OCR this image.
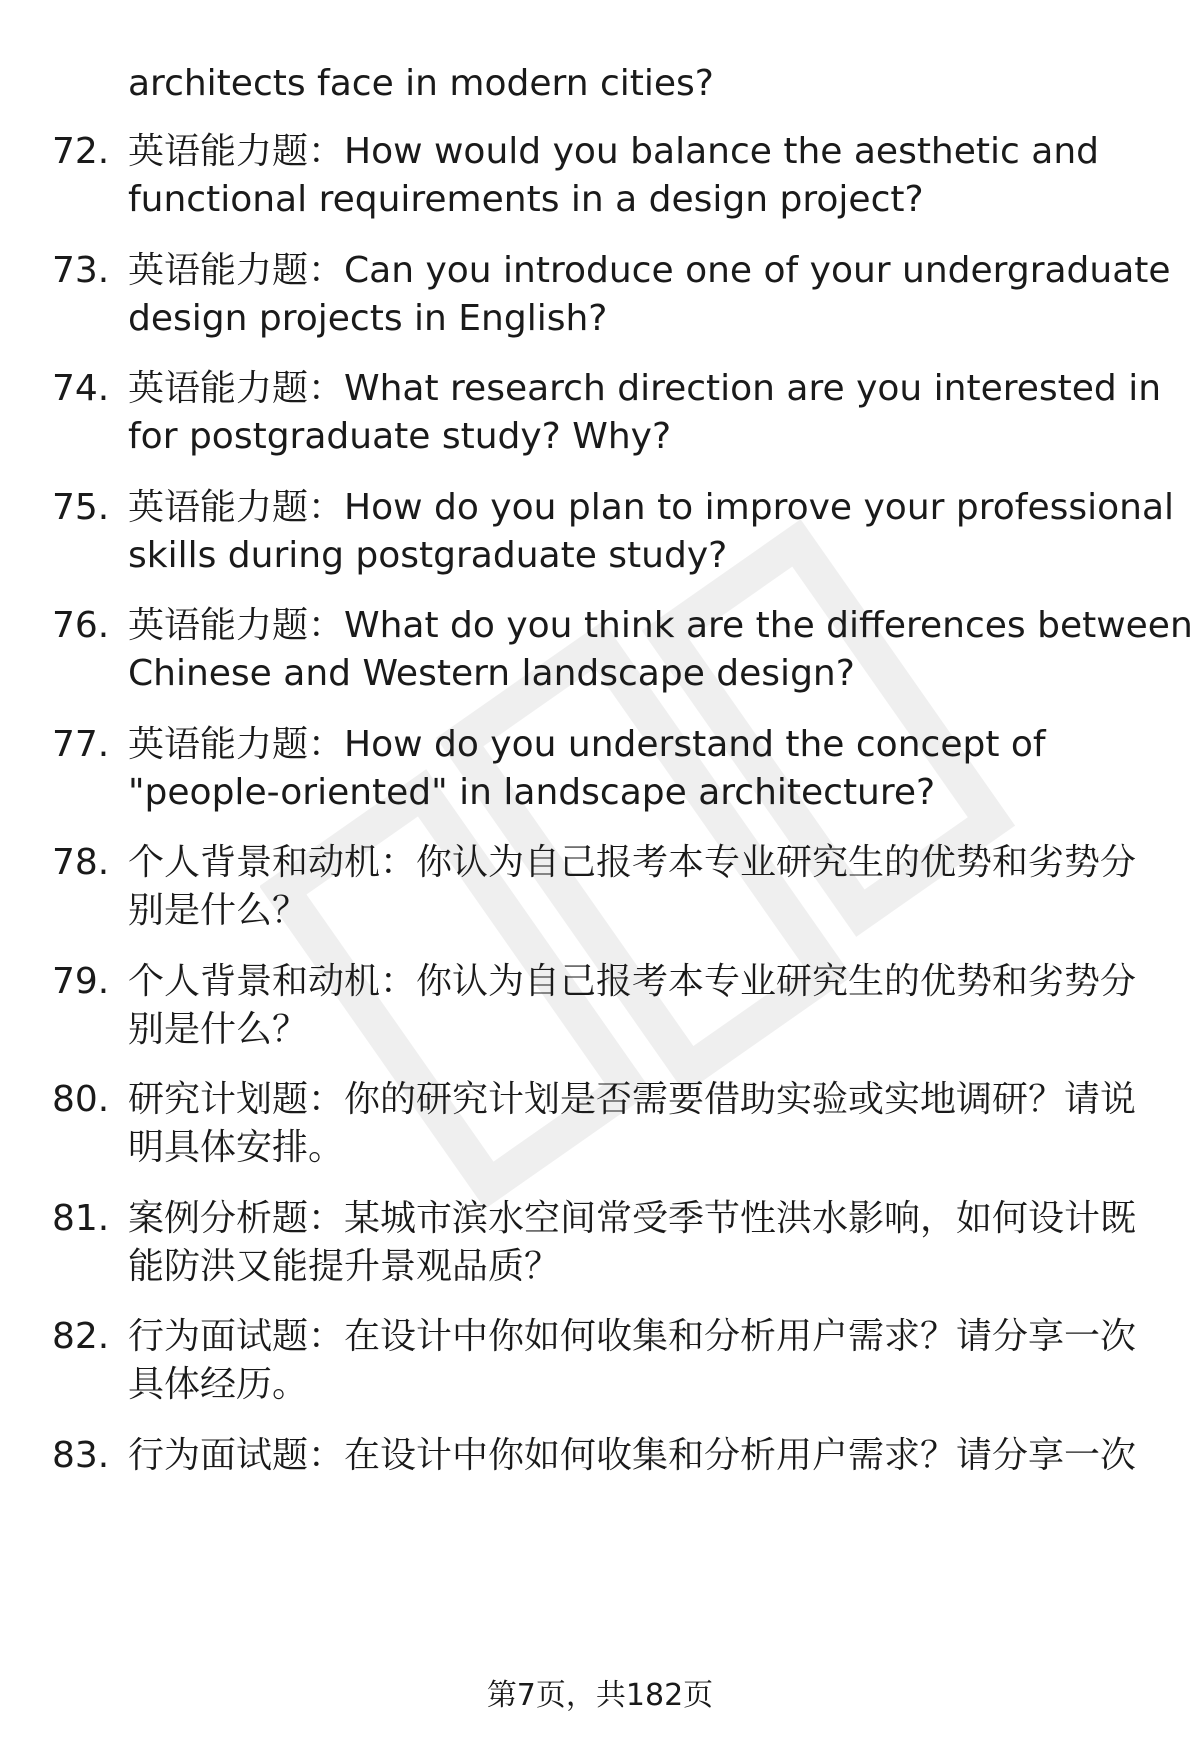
architects face in modern cities?
72. 英语能力题：How would you balance the aesthetic and
functional requirements in a design project?
73. 英语能力题：Can you introduce one of your undergraduate
design projects in English?
74. 英语能力题：What research direction are you interested in
for postgraduate study? Why?
75. 英语能力题：How do you plan to improve your professional
skills during postgraduate study?
76. 英语能力题：What do you think are the differences between
Chinese and Western landscape design?
77. 英语能力题：How do you understand the concept of
"people-oriented" in landscape architecture?
78. 个人背景和动机：你认为自己报考本专业研究生的优势和劣势分
别是什么？
79. 个人背景和动机：你认为自己报考本专业研究生的优势和劣势分
别是什么？
80. 研究计划题：你的研究计划是否需要借助实验或实地调研？请说
明具体安排。
81. 案例分析题：某城市滨水空间常受季节性洪水影响，如何设计既
能防洪又能提升景观品质？
82. 行为面试题：在设计中你如何收集和分析用户需求？请分享一次
具体经历。
83. 行为面试题：在设计中你如何收集和分析用户需求？请分享一次
第7页，共182页
